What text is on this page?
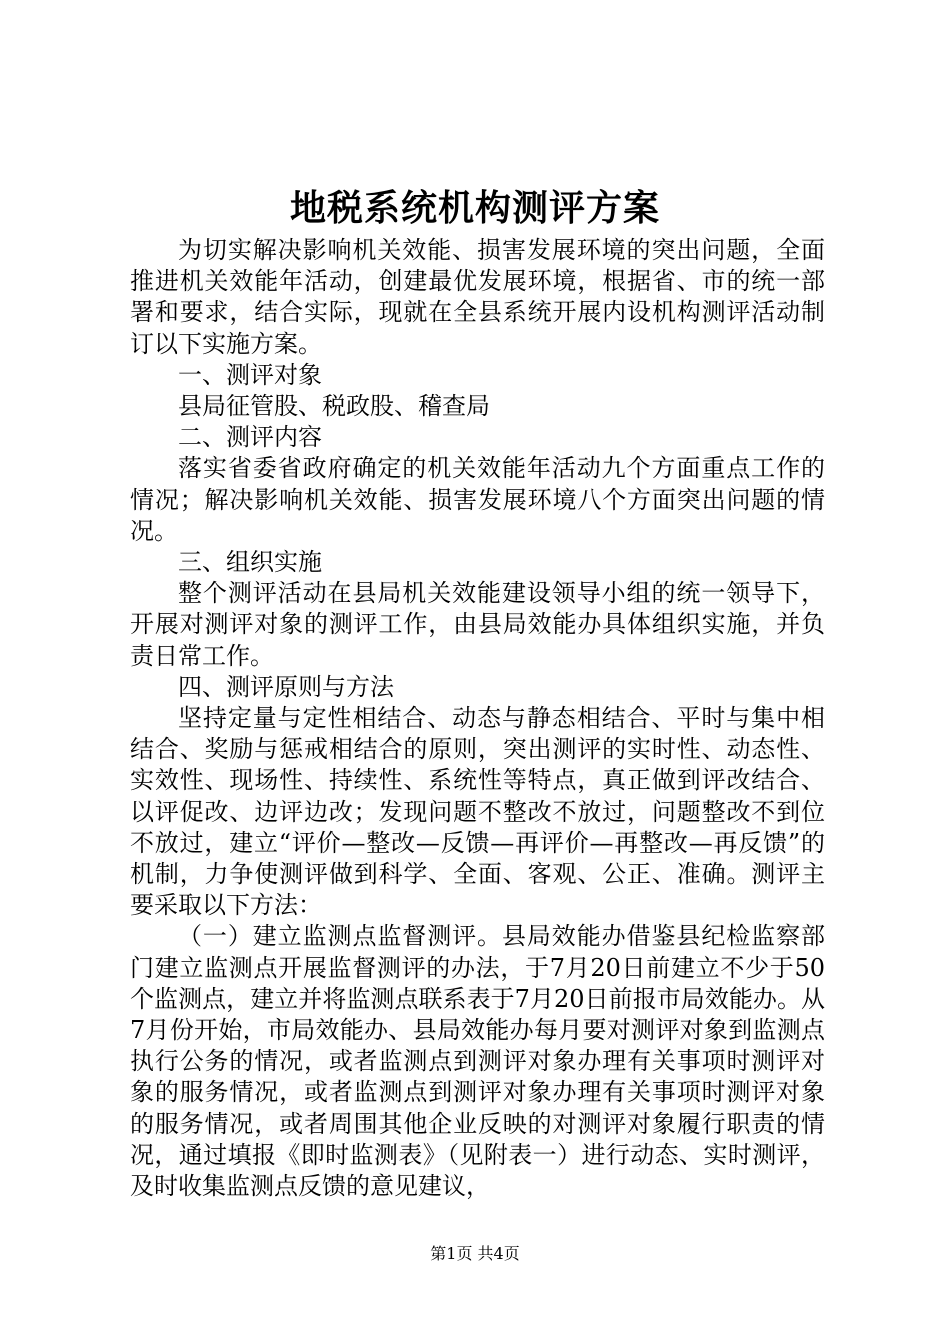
地税系统机构测评方案

为切实解决影响机关效能、损害发展环境的突出问题，全面推进机关效能年活动，创建最优发展环境，根据省、市的统一部署和要求，结合实际，现就在全县系统开展内设机构测评活动制订以下实施方案。

一、测评对象

县局征管股、税政股、稽查局

二、测评内容

落实省委省政府确定的机关效能年活动九个方面重点工作的情况；解决影响机关效能、损害发展环境八个方面突出问题的情况。

三、组织实施

整个测评活动在县局机关效能建设领导小组的统一领导下，开展对测评对象的测评工作，由县局效能办具体组织实施，并负责日常工作。

四、测评原则与方法

坚持定量与定性相结合、动态与静态相结合、平时与集中相结合、奖励与惩戒相结合的原则，突出测评的实时性、动态性、实效性、现场性、持续性、系统性等特点，真正做到评改结合、以评促改、边评边改；发现问题不整改不放过，问题整改不到位不放过，建立“评价—整改—反馈—再评价—再整改—再反馈”的机制，力争使测评做到科学、全面、客观、公正、准确。测评主要采取以下方法：

（一）建立监测点监督测评。县局效能办借鉴县纪检监察部门建立监测点开展监督测评的办法，于7月20日前建立不少于50个监测点，建立并将监测点联系表于7月20日前报市局效能办。从7月份开始，市局效能办、县局效能办每月要对测评对象到监测点执行公务的情况，或者监测点到测评对象办理有关事项时测评对象的服务情况，或者监测点到测评对象办理有关事项时测评对象的服务情况，或者周围其他企业反映的对测评对象履行职责的情况，通过填报《即时监测表》（见附表一）进行动态、实时测评，及时收集监测点反馈的意见建议，

第1页 共4页
